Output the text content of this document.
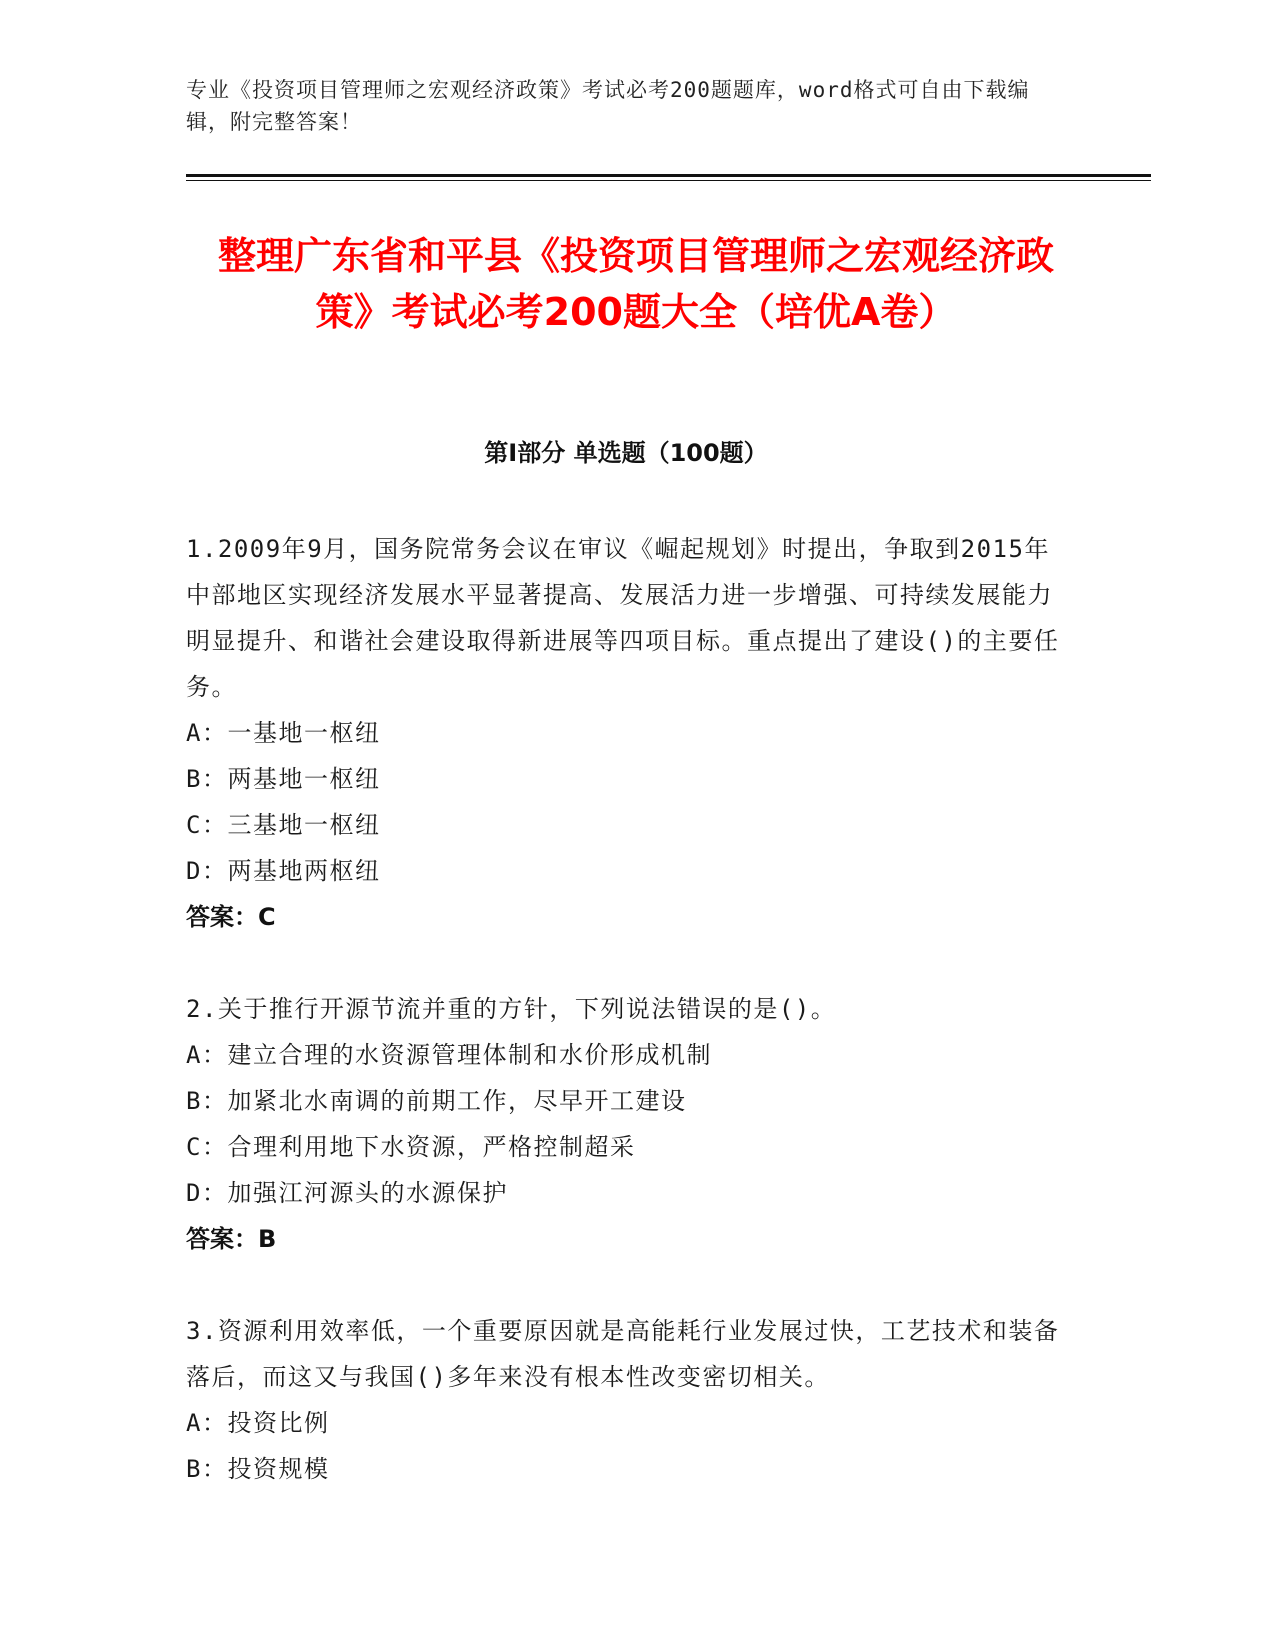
专业《投资项目管理师之宏观经济政策》考试必考200题题库，word格式可自由下载编辑，附完整答案！
整理广东省和平县《投资项目管理师之宏观经济政策》考试必考200题大全（培优A卷）
第Ⅰ部分 单选题（100题）

1.2009年9月，国务院常务会议在审议《崛起规划》时提出，争取到2015年中部地区实现经济发展水平显著提高、发展活力进一步增强、可持续发展能力明显提升、和谐社会建设取得新进展等四项目标。重点提出了建设()的主要任务。

A：一基地一枢纽

B：两基地一枢纽

C：三基地一枢纽

D：两基地两枢纽

答案：C

2.关于推行开源节流并重的方针，下列说法错误的是()。

A：建立合理的水资源管理体制和水价形成机制

B：加紧北水南调的前期工作，尽早开工建设

C：合理利用地下水资源，严格控制超采

D：加强江河源头的水源保护

答案：B

3.资源利用效率低，一个重要原因就是高能耗行业发展过快，工艺技术和装备落后，而这又与我国()多年来没有根本性改变密切相关。

A：投资比例

B：投资规模
